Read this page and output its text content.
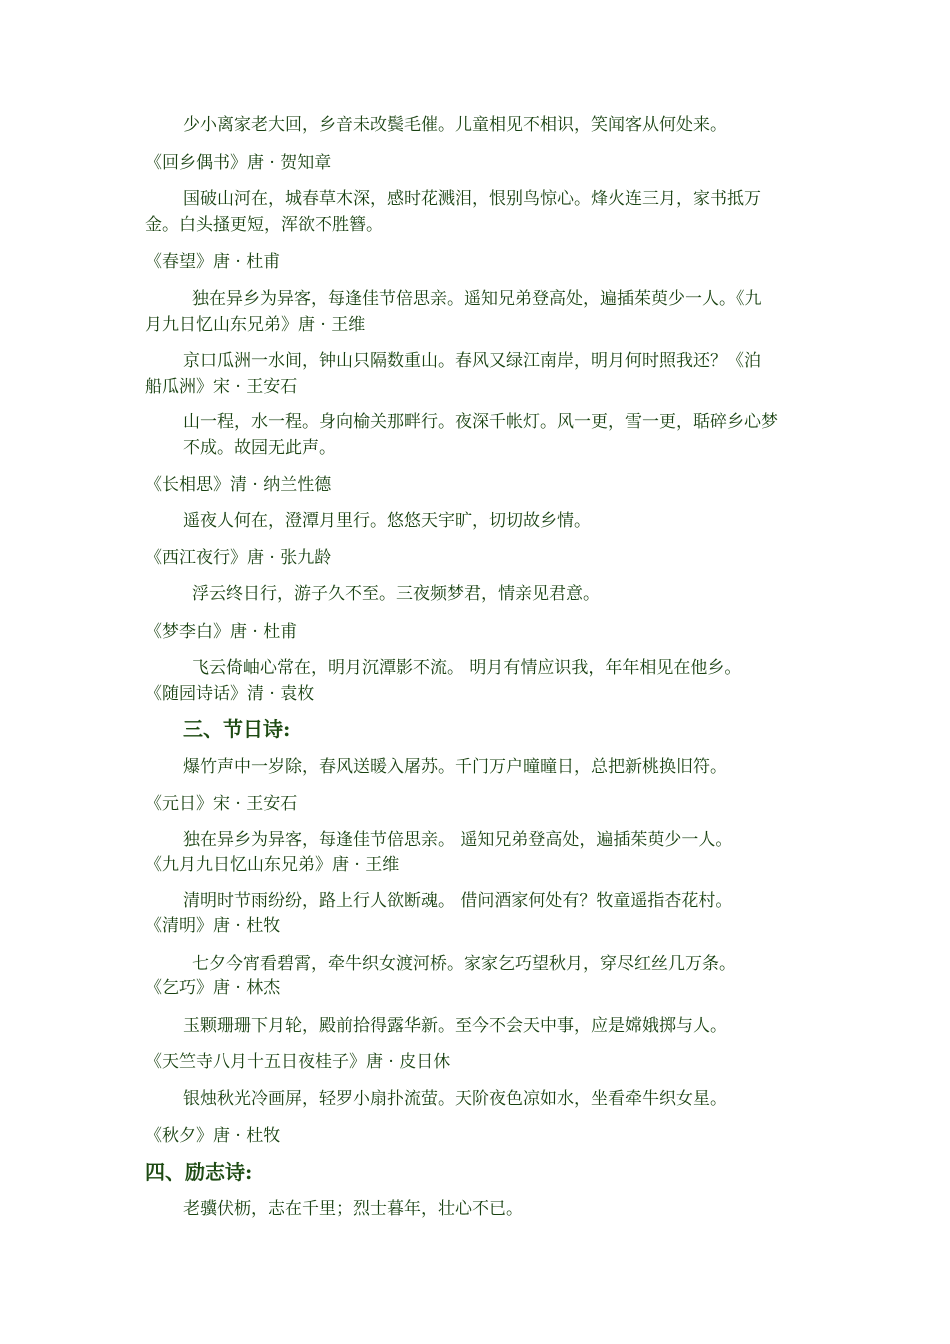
少小离家老大回，乡音未改鬓毛催。儿童相见不相识，笑闻客从何处来。
《回乡偶书》唐 · 贺知章
国破山河在，城春草木深，感时花溅泪，恨别鸟惊心。烽火连三月，家书抵万
金。白头搔更短，浑欲不胜簪。
《春望》唐 · 杜甫
独在异乡为异客，每逢佳节倍思亲。遥知兄弟登高处，遍插茱萸少一人。《九
月九日忆山东兄弟》唐 · 王维
京口瓜洲一水间，钟山只隔数重山。春风又绿江南岸，明月何时照我还？《泊
船瓜洲》宋 · 王安石
山一程，水一程。身向榆关那畔行。夜深千帐灯。风一更，雪一更，聒碎乡心梦
不成。故园无此声。
《长相思》清 · 纳兰性德
遥夜人何在，澄潭月里行。悠悠天宇旷，切切故乡情。
《西江夜行》唐 · 张九龄
浮云终日行，游子久不至。三夜频梦君，情亲见君意。
《梦李白》唐 · 杜甫
飞云倚岫心常在，明月沉潭影不流。 明月有情应识我，年年相见在他乡。
《随园诗话》清 · 袁枚
三、节日诗:
爆竹声中一岁除，春风送暖入屠苏。千门万户曈曈日，总把新桃换旧符。
《元日》宋 · 王安石
独在异乡为异客，每逢佳节倍思亲。 遥知兄弟登高处，遍插茱萸少一人。
《九月九日忆山东兄弟》唐 · 王维
清明时节雨纷纷，路上行人欲断魂。 借问酒家何处有？牧童遥指杏花村。
《清明》唐 · 杜牧
七夕今宵看碧霄，牵牛织女渡河桥。家家乞巧望秋月，穿尽红丝几万条。
《乞巧》唐 · 林杰
玉颗珊珊下月轮，殿前拾得露华新。至今不会天中事，应是嫦娥掷与人。
《天竺寺八月十五日夜桂子》唐 · 皮日休
银烛秋光冷画屏，轻罗小扇扑流萤。天阶夜色凉如水，坐看牵牛织女星。
《秋夕》唐 · 杜牧
四、励志诗:
老骥伏枥，志在千里；烈士暮年，壮心不已。
